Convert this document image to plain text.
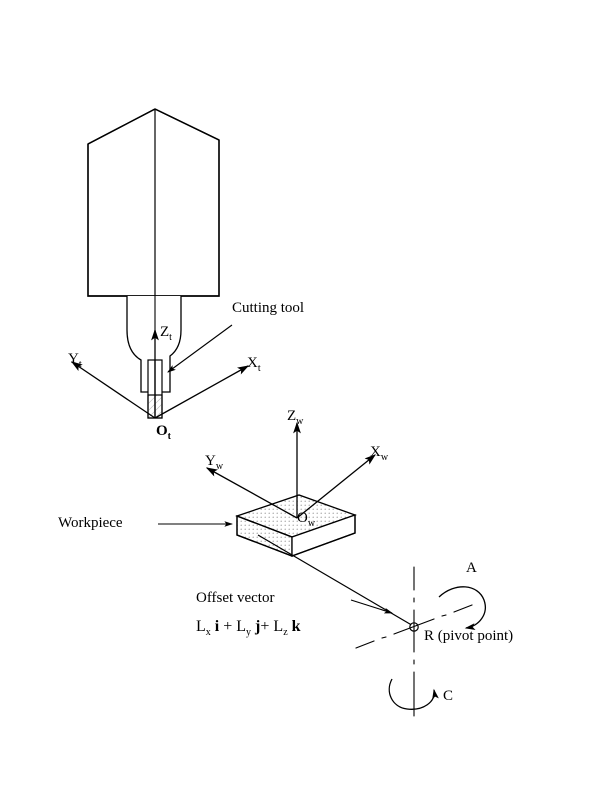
Cutting tool
$Z_t$
$X_t$
$Y_t$
$O_t$
$Z_w$
$X_w$
$Y_w$
$O_w$
Workpiece
Offset vector
$L_x$ $i + L_y$ $j+ L_z$ k
R (pivot point)
A
C
